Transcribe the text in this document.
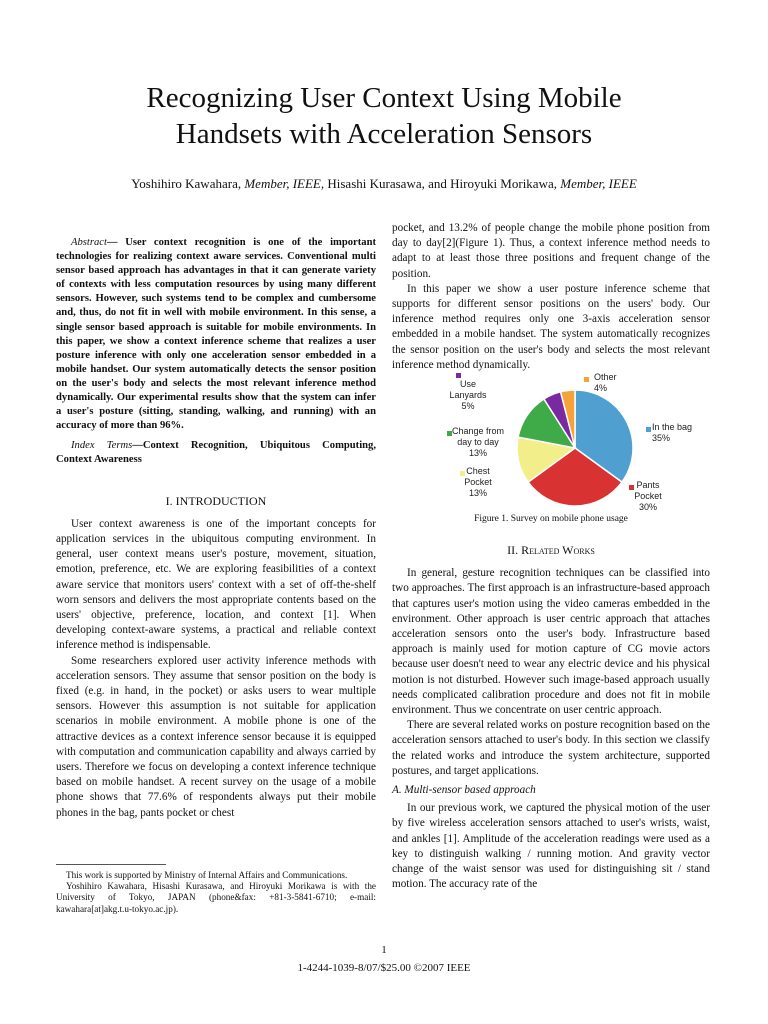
Recognizing User Context Using Mobile
Handsets with Acceleration Sensors

Yoshihiro Kawahara, Member, IEEE, Hisashi Kurasawa, and Hiroyuki Morikawa, Member, IEEE

Abstract— User context recognition is one of the important technologies for realizing context aware services. Conventional multi sensor based approach has advantages in that it can generate variety of contexts with less computation resources by using many different sensors. However, such systems tend to be complex and cumbersome and, thus, do not fit in well with mobile environment. In this sense, a single sensor based approach is suitable for mobile environments. In this paper, we show a context inference scheme that realizes a user posture inference with only one acceleration sensor embedded in a mobile handset. Our system automatically detects the sensor position on the user's body and selects the most relevant inference method dynamically. Our experimental results show that the system can infer a user's posture (sitting, standing, walking, and running) with an accuracy of more than 96%.

Index Terms—Context Recognition, Ubiquitous Computing, Context Awareness

I. INTRODUCTION

User context awareness is one of the important concepts for application services in the ubiquitous computing environment. In general, user context means user's posture, movement, situation, emotion, preference, etc. We are exploring feasibilities of a context aware service that monitors users' context with a set of off-the-shelf worn sensors and delivers the most appropriate contents based on the users' objective, preference, location, and context [1]. When developing context-aware systems, a practical and reliable context inference method is indispensable.

Some researchers explored user activity inference methods with acceleration sensors. They assume that sensor position on the body is fixed (e.g. in hand, in the pocket) or asks users to wear multiple sensors. However this assumption is not suitable for application scenarios in mobile environment. A mobile phone is one of the attractive devices as a context inference sensor because it is equipped with computation and communication capability and always carried by users. Therefore we focus on developing a context inference technique based on mobile handset. A recent survey on the usage of a mobile phone shows that 77.6% of respondents always put their mobile phones in the bag, pants pocket or chest

This work is supported by Ministry of Internal Affairs and Communications.

Yoshihiro Kawahara, Hisashi Kurasawa, and Hiroyuki Morikawa is with the University of Tokyo, JAPAN (phone&fax: +81-3-5841-6710; e-mail: kawahara[at]akg.t.u-tokyo.ac.jp).

pocket, and 13.2% of people change the mobile phone position from day to day[2](Figure 1). Thus, a context inference method needs to adapt to at least those three positions and frequent change of the position.

In this paper we show a user posture inference scheme that supports for different sensor positions on the users' body. Our inference method requires only one 3-axis acceleration sensor embedded in a mobile handset. The system automatically recognizes the sensor position on the user's body and selects the most relevant inference method dynamically.

II. Related Works

In general, gesture recognition techniques can be classified into two approaches. The first approach is an infrastructure-based approach that captures user's motion using the video cameras embedded in the environment. Other approach is user centric approach that attaches acceleration sensors onto the user's body. Infrastructure based approach is mainly used for motion capture of CG movie actors because user doesn't need to wear any electric device and his physical motion is not disturbed. However such image-based approach usually needs complicated calibration procedure and does not fit in mobile environment. Thus we concentrate on user centric approach.

There are several related works on posture recognition based on the acceleration sensors attached to user's body. In this section we classify the related works and introduce the system architecture, supported postures, and target applications.

A. Multi-sensor based approach

In our previous work, we captured the physical motion of the user by five wireless acceleration sensors attached to user's wrists, waist, and ankles [1]. Amplitude of the acceleration readings were used as a key to distinguish walking / running motion. And gravity vector change of the waist sensor was used for distinguishing sit / stand motion. The accuracy rate of the

In the bag
35%
Pants
Pocket
30%
Chest
Pocket
13%
Change from
day to day
13%
Use
Lanyards
5%
Other
4%
Figure 1. Survey on mobile phone usage
1
1-4244-1039-8/07/$25.00 ©2007 IEEE
